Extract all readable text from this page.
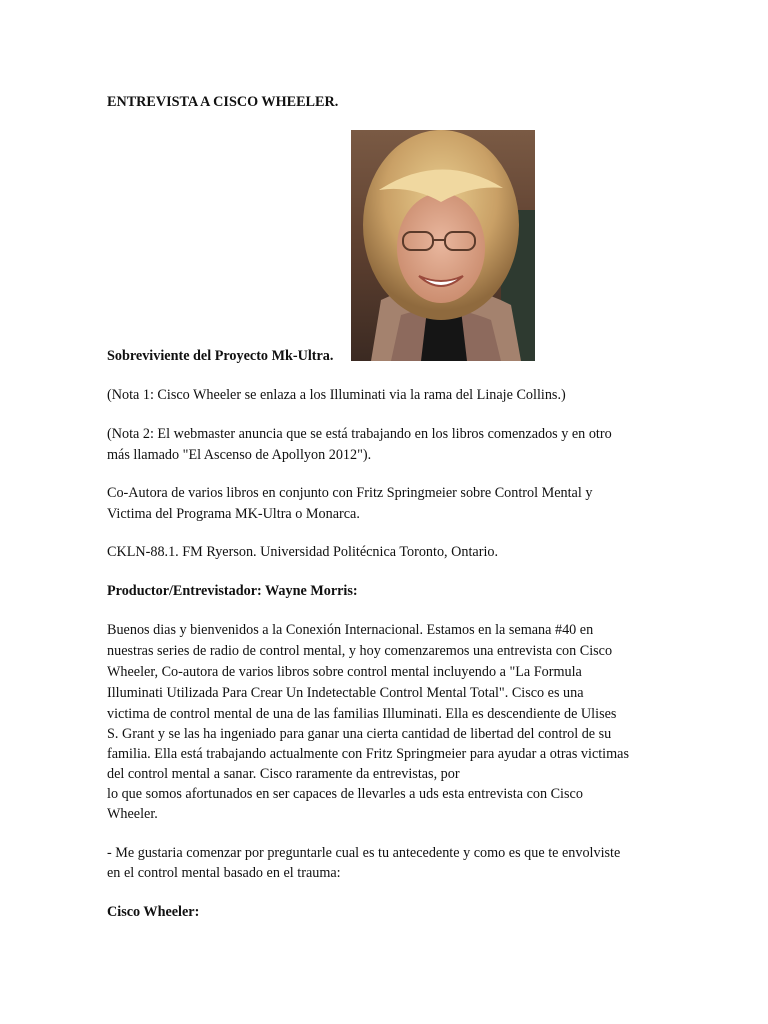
ENTREVISTA A CISCO WHEELER.
Sobreviviente del Proyecto Mk-Ultra.
(Nota 1: Cisco Wheeler se enlaza a los Illuminati via la rama del Linaje Collins.)
(Nota 2: El webmaster anuncia que se está trabajando en los libros comenzados y en otro
más llamado "El Ascenso de Apollyon 2012").
Co-Autora de varios libros en conjunto con Fritz Springmeier sobre Control Mental y
Victima del Programa MK-Ultra o Monarca.
CKLN-88.1. FM Ryerson. Universidad Politécnica Toronto, Ontario.
Productor/Entrevistador: Wayne Morris:
Buenos dias y bienvenidos a la Conexión Internacional. Estamos en la semana #40 en
nuestras series de radio de control mental, y hoy comenzaremos una entrevista con Cisco
Wheeler, Co-autora de varios libros sobre control mental incluyendo a "La Formula
Illuminati Utilizada Para Crear Un Indetectable Control Mental Total". Cisco es una
victima de control mental de una de las familias Illuminati. Ella es descendiente de Ulises
S. Grant y se las ha ingeniado para ganar una cierta cantidad de libertad del control de su
familia. Ella está trabajando actualmente con Fritz Springmeier para ayudar a otras victimas
del control mental a sanar. Cisco raramente da entrevistas, por
lo que somos afortunados en ser capaces de llevarles a uds esta entrevista con Cisco
Wheeler.
- Me gustaria comenzar por preguntarle cual es tu antecedente y como es que te envolviste
en el control mental basado en el trauma:
Cisco Wheeler:
